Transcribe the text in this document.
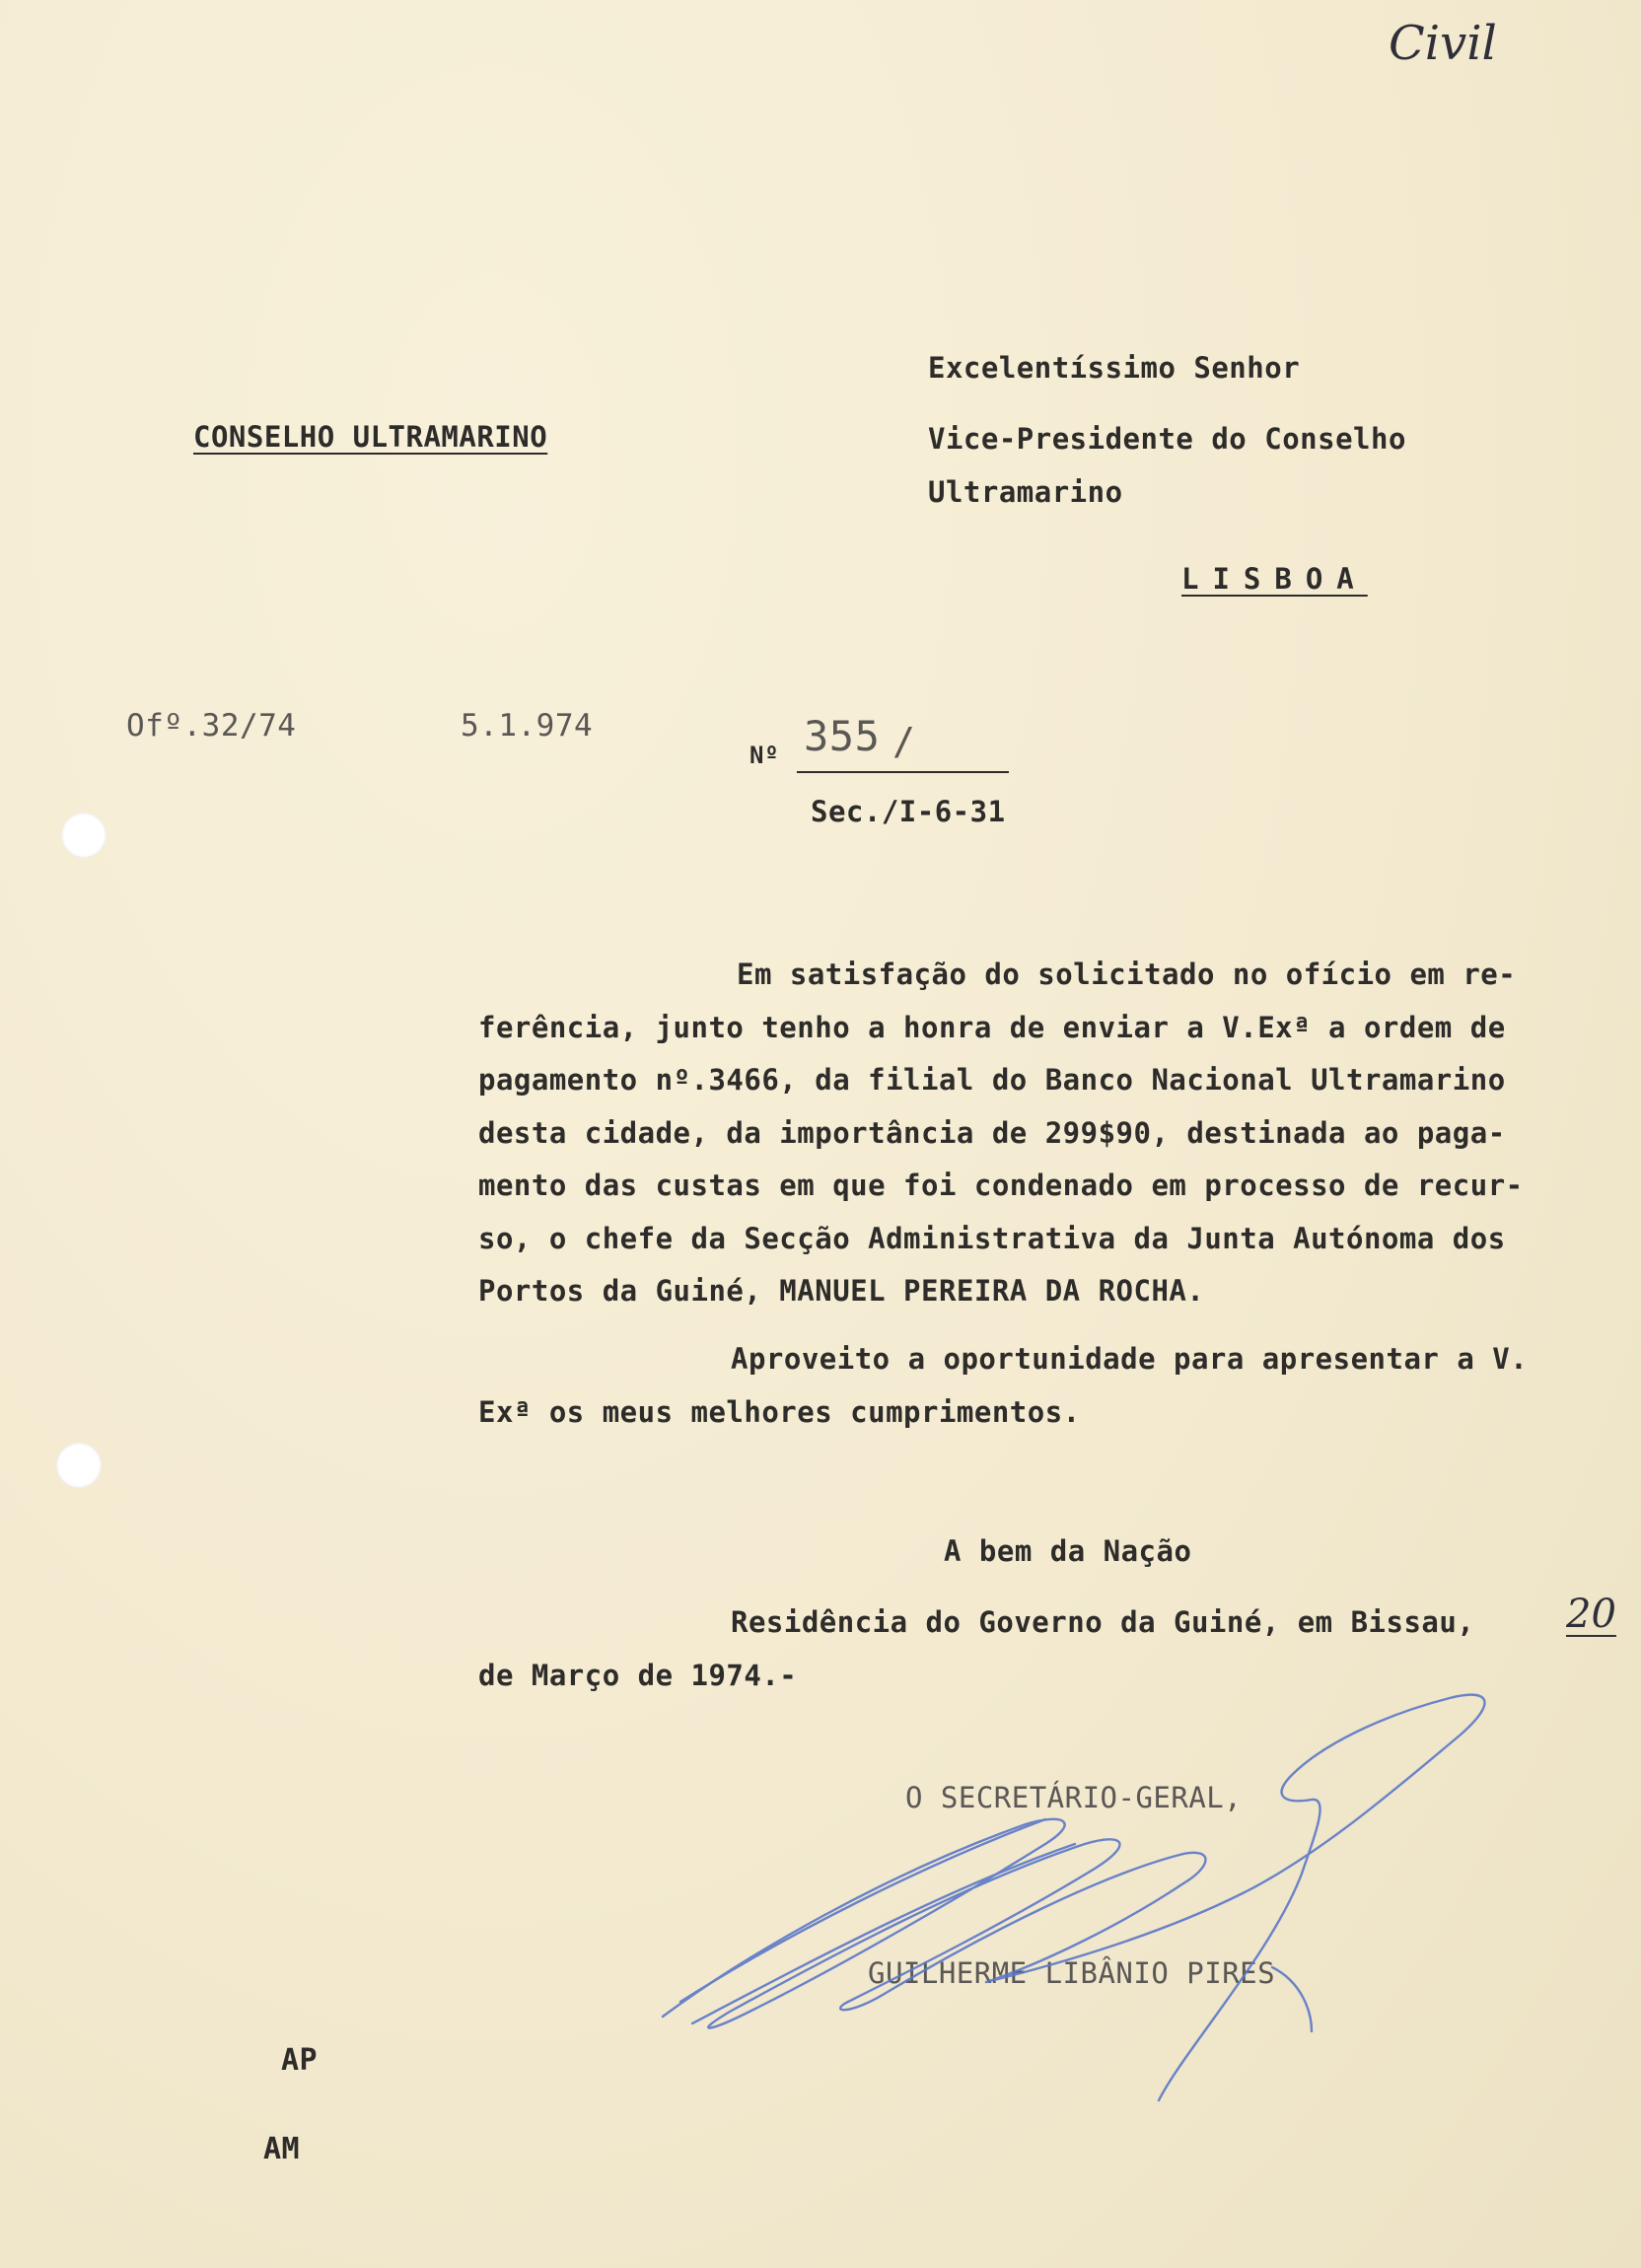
Civil
CONSELHO ULTRAMARINO
Excelentíssimo Senhor
Vice-Presidente do Conselho
Ultramarino
LISBOA
Ofº.32/74	5.1.974
Nº 355 /
Sec./I-6-31
Em satisfação do solicitado no ofício em re-
ferência, junto tenho a honra de enviar a V.Exª a ordem de
pagamento nº.3466, da filial do Banco Nacional Ultramarino
desta cidade, da importância de 299$90, destinada ao paga-
mento das custas em que foi condenado em processo de recur-
so, o chefe da Secção Administrativa da Junta Autónoma dos
Portos da Guiné, MANUEL PEREIRA DA ROCHA.
Aproveito a oportunidade para apresentar a V.
Exª os meus melhores cumprimentos.
A bem da Nação
Residência do Governo da Guiné, em Bissau, 20
de Março de 1974.-
O SECRETÁRIO-GERAL,
GUILHERME LIBÂNIO PIRES
AP
AM
